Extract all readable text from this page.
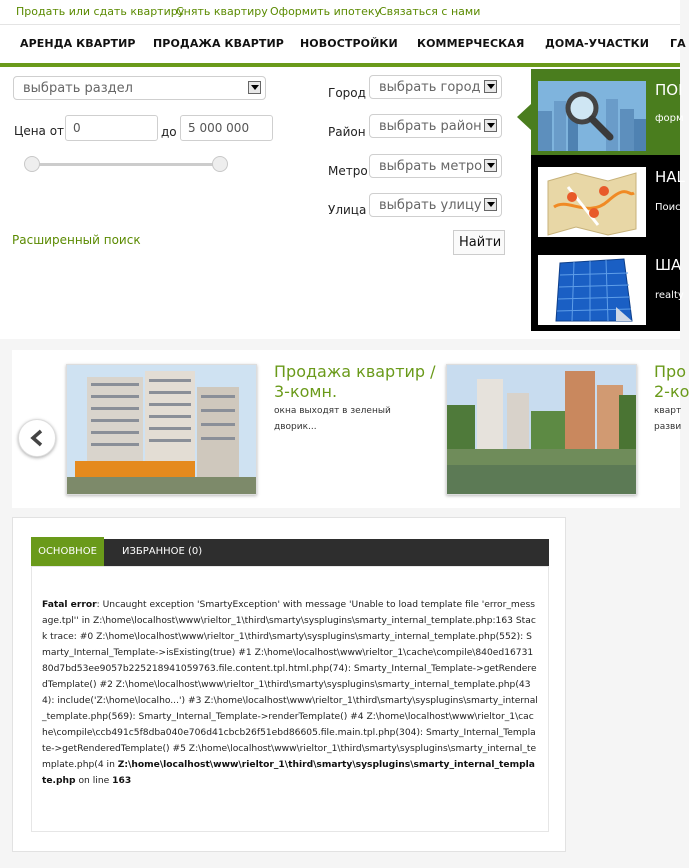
Продать или сдать квартиру
Снять квартиру Оформить ипотеку
Связаться с нами
АРЕНДА КВАРТИР ПРОДАЖА КВАРТИР НОВОСТРОЙКИ КОММЕРЧЕСКАЯ ДОМА-УЧАСТКИ ГА
выбрать раздел
Цена от 0	до 5 000 000
Расширенный поиск
Город	выбрать город
Район	выбрать район
Метро выбрать метро
Улица выбрать улицу
Найти
ПОI
форм
НАL
Поис
ША
realty
Продажа квартир /
3-комн.
окна выходят в зеленый
дворик...
Про
2-ко
кварт
разви
ОСНОВНОЕ	ИЗБРАННОЕ (0)
Fatal error: Uncaught exception 'SmartyException' with message 'Unable to load template file 'error_message.tpl'' in Z:\home\localhost\www\rieltor_1\third\smarty\sysplugins\smarty_internal_template.php:163 Stack trace: #0 Z:\home\localhost\www\rieltor_1\third\smarty\sysplugins\smarty_internal_template.php(552): Smarty_Internal_Template->isExisting(true) #1 Z:\home\localhost\www\rieltor_1\cache\compile\840ed1673180d7bd53ee9057b225218941059763.file.content.tpl.html.php(74): Smarty_Internal_Template->getRenderedTemplate() #2 Z:\home\localhost\www\rieltor_1\third\smarty\sysplugins\smarty_internal_template.php(434): include('Z:\home\localho...') #3 Z:\home\localhost\www\rieltor_1\third\smarty\sysplugins\smarty_internal_template.php(569): Smarty_Internal_Template->renderTemplate() #4 Z:\home\localhost\www\rieltor_1\cache\compile\ccb491c5f8dba040e706d41cbcb26f51ebd86605.file.main.tpl.php(304): Smarty_Internal_Template->getRenderedTemplate() #5 Z:\home\localhost\www\rieltor_1\third\smarty\sysplugins\smarty_internal_template.php(4 in Z:\home\localhost\www\rieltor_1\third\smarty\sysplugins\smarty_internal_template.php on line 163
